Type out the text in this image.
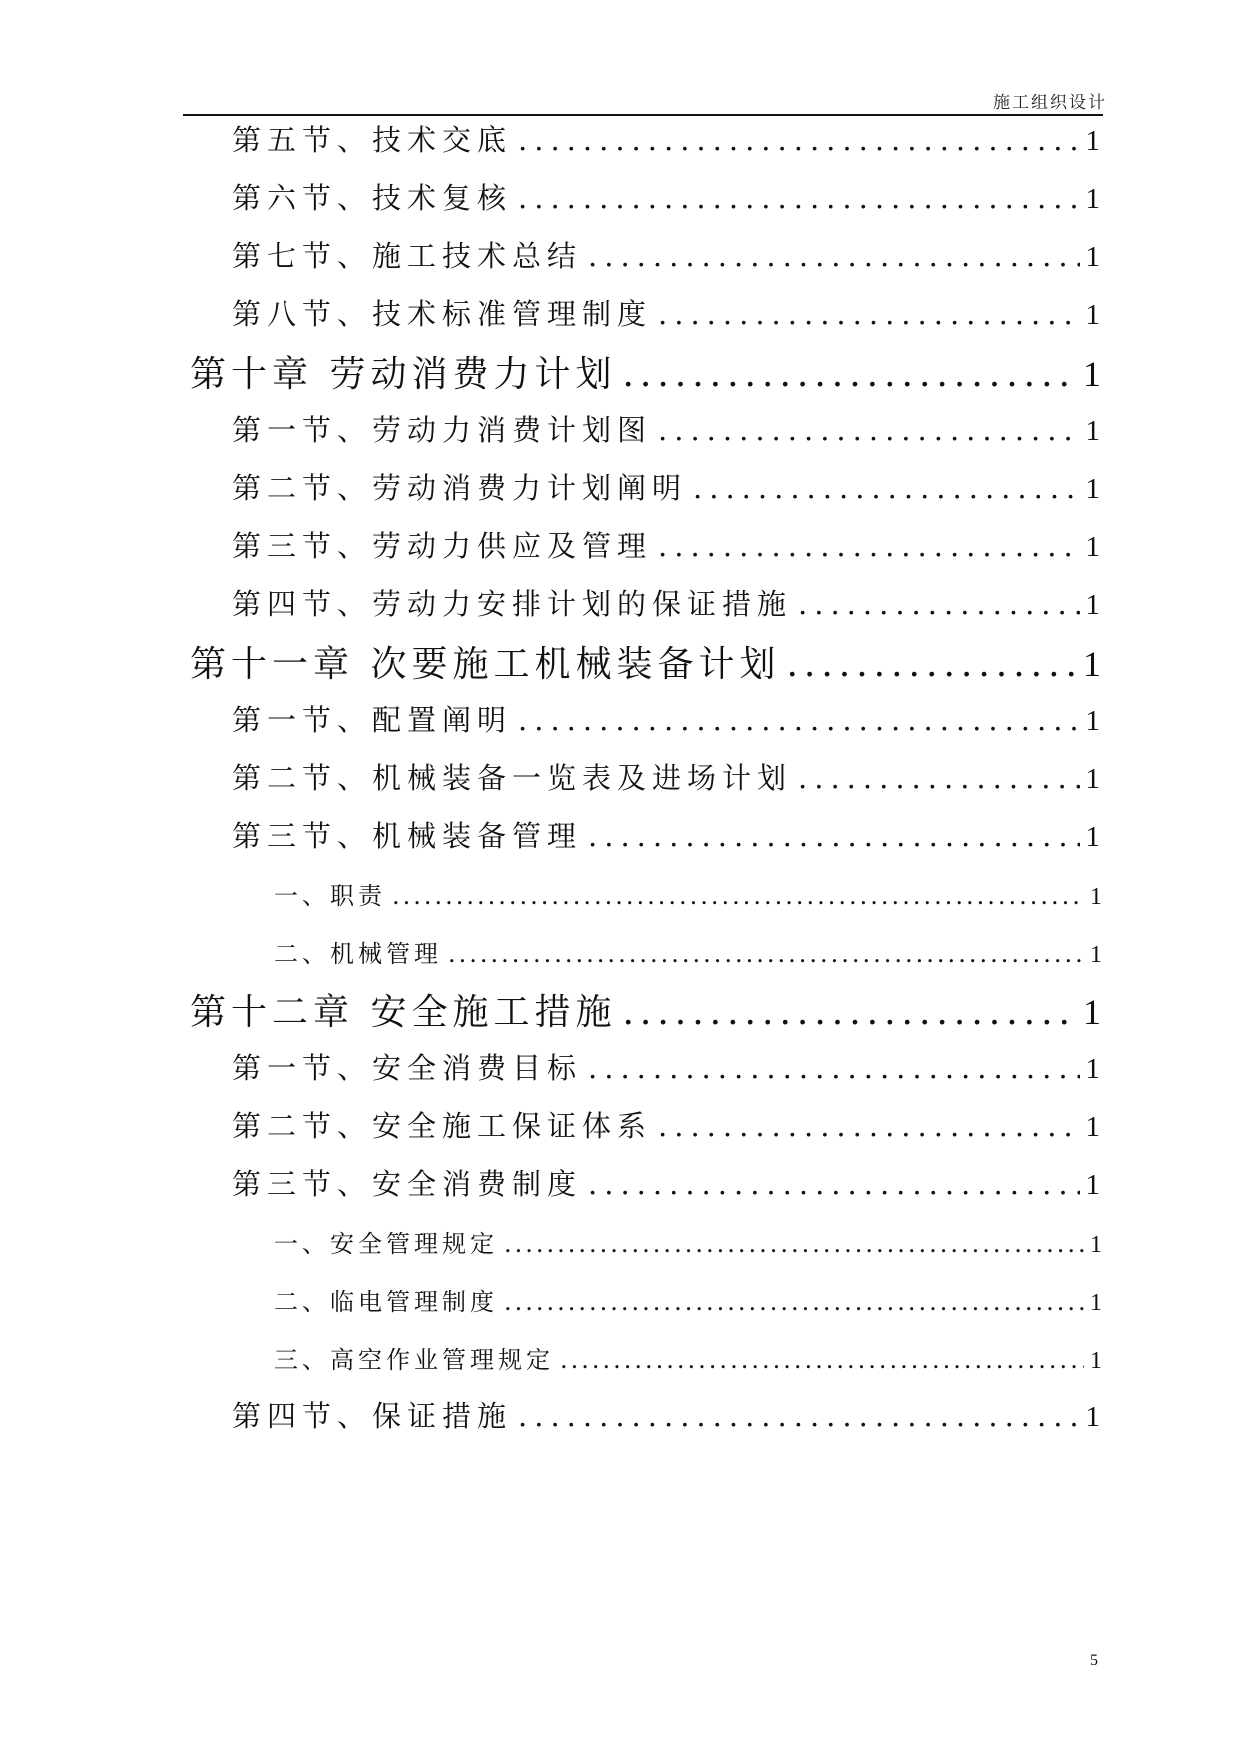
施工组织设计
第五节、技术交底 .....	1
第六节、技术复核 .....	1
第七节、施工技术总结 .....	1
第八节、技术标准管理制度 .....	1
第十章 劳动消费力计划 .....	1
第一节、劳动力消费计划图 .....	1
第二节、劳动消费力计划阐明 .....	1
第三节、劳动力供应及管理 .....	1
第四节、劳动力安排计划的保证措施 .....	1
第十一章 次要施工机械装备计划 .....	1
第一节、配置阐明 .....	1
第二节、机械装备一览表及进场计划 .....	1
第三节、机械装备管理 .....	1
一、职责 .....	1
二、机械管理 .....	1
第十二章 安全施工措施 .....	1
第一节、安全消费目标 .....	1
第二节、安全施工保证体系 .....	1
第三节、安全消费制度 .....	1
一、安全管理规定 .....	1
二、临电管理制度 .....	1
三、高空作业管理规定 .....	1
第四节、保证措施 .....	1
5
